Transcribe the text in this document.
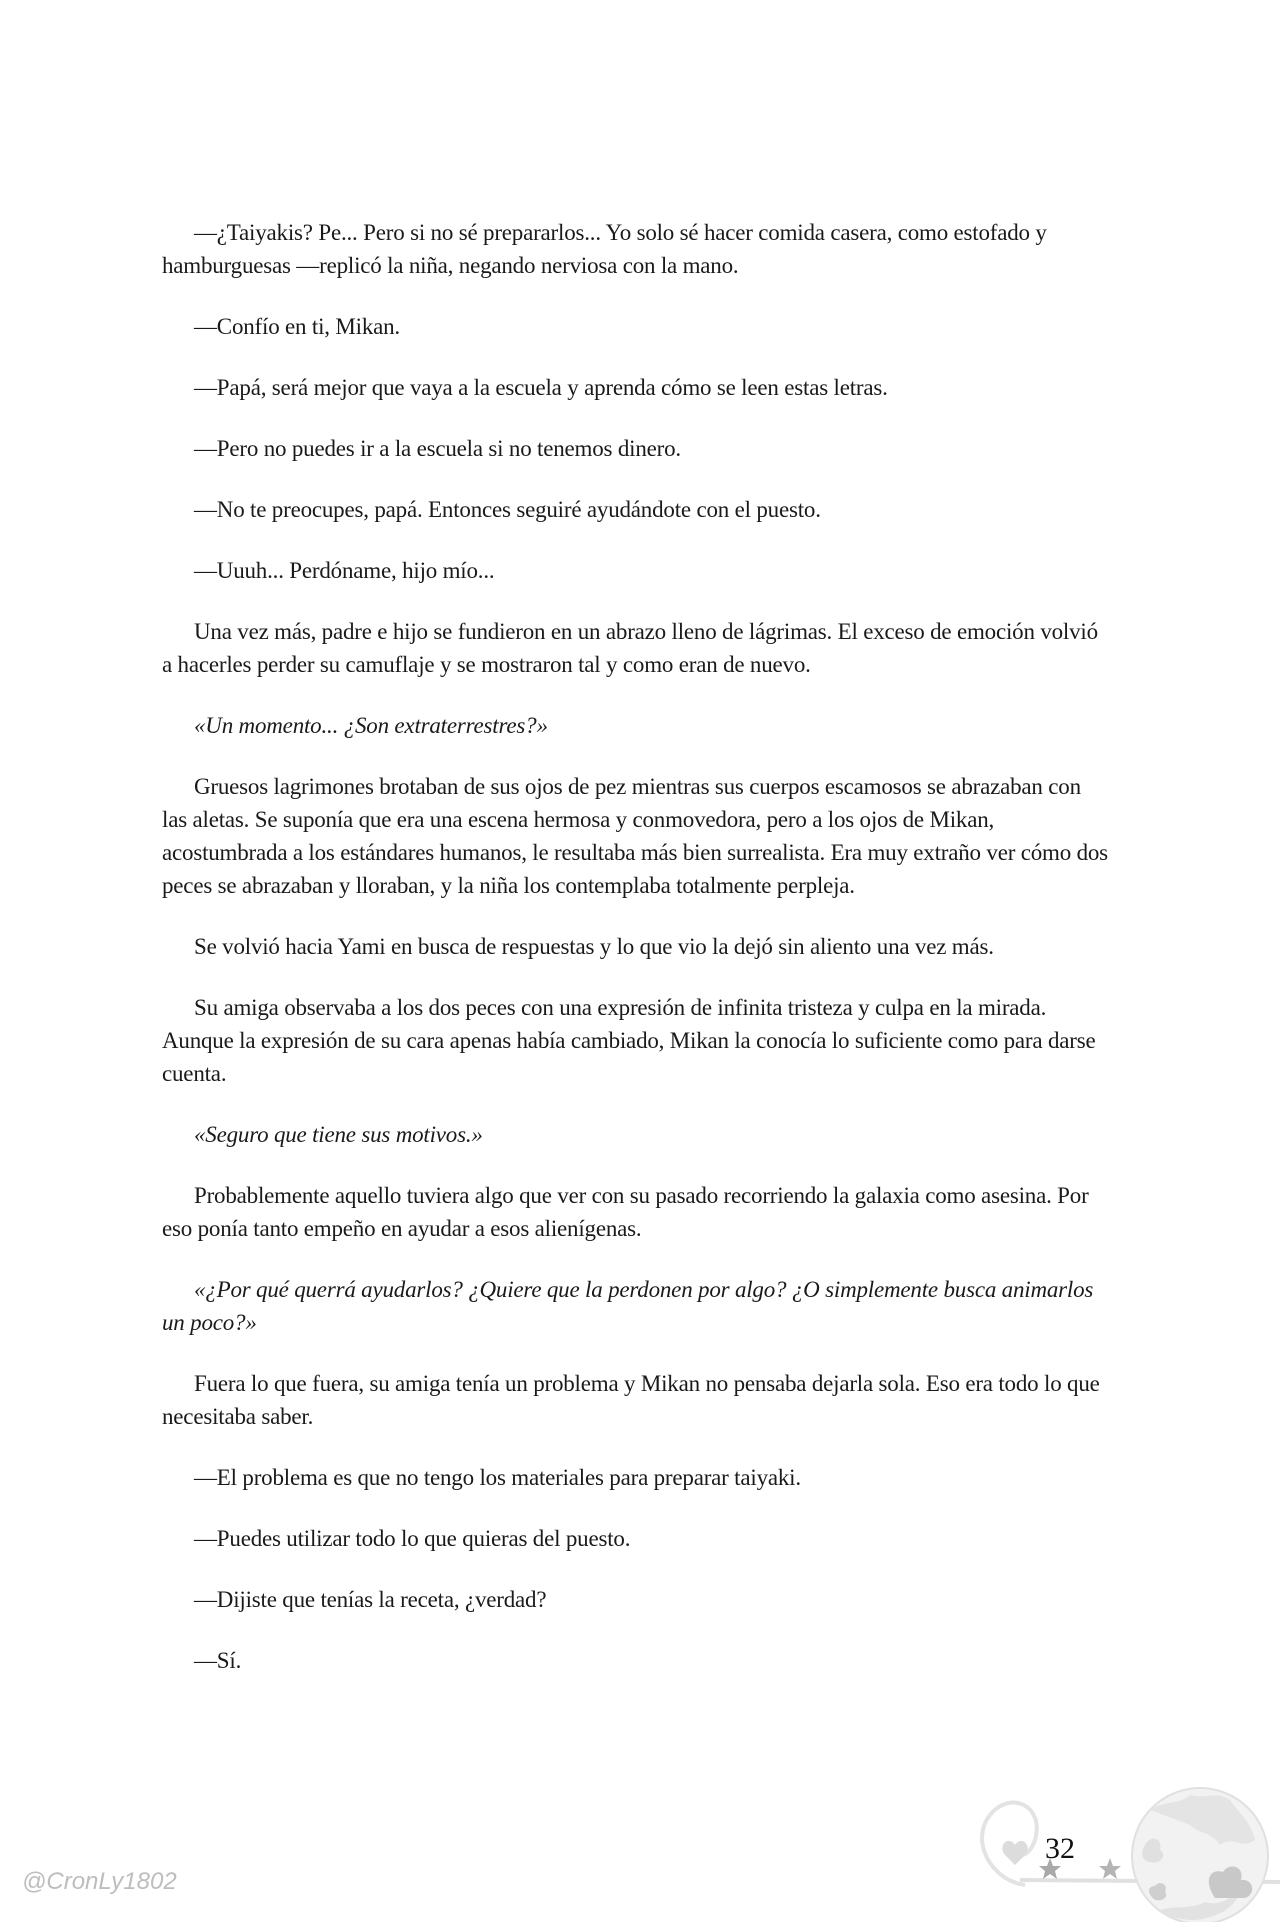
—¿Taiyakis? Pe... Pero si no sé prepararlos... Yo solo sé hacer comida casera, como estofado y hamburguesas —replicó la niña, negando nerviosa con la mano.

—Confío en ti, Mikan.

—Papá, será mejor que vaya a la escuela y aprenda cómo se leen estas letras.

—Pero no puedes ir a la escuela si no tenemos dinero.

—No te preocupes, papá. Entonces seguiré ayudándote con el puesto.

—Uuuh... Perdóname, hijo mío...

Una vez más, padre e hijo se fundieron en un abrazo lleno de lágrimas. El exceso de emoción volvió a hacerles perder su camuflaje y se mostraron tal y como eran de nuevo.

«Un momento... ¿Son extraterrestres?»

Gruesos lagrimones brotaban de sus ojos de pez mientras sus cuerpos escamosos se abrazaban con las aletas. Se suponía que era una escena hermosa y conmovedora, pero a los ojos de Mikan, acostumbrada a los estándares humanos, le resultaba más bien surrealista. Era muy extraño ver cómo dos peces se abrazaban y lloraban, y la niña los contemplaba totalmente perpleja.

Se volvió hacia Yami en busca de respuestas y lo que vio la dejó sin aliento una vez más.

Su amiga observaba a los dos peces con una expresión de infinita tristeza y culpa en la mirada. Aunque la expresión de su cara apenas había cambiado, Mikan la conocía lo suficiente como para darse cuenta.

«Seguro que tiene sus motivos.»

Probablemente aquello tuviera algo que ver con su pasado recorriendo la galaxia como asesina. Por eso ponía tanto empeño en ayudar a esos alienígenas.

«¿Por qué querrá ayudarlos? ¿Quiere que la perdonen por algo? ¿O simplemente busca animarlos un poco?»

Fuera lo que fuera, su amiga tenía un problema y Mikan no pensaba dejarla sola. Eso era todo lo que necesitaba saber.

—El problema es que no tengo los materiales para preparar taiyaki.

—Puedes utilizar todo lo que quieras del puesto.

—Dijiste que tenías la receta, ¿verdad?

—Sí.

@CronLy1802
32
